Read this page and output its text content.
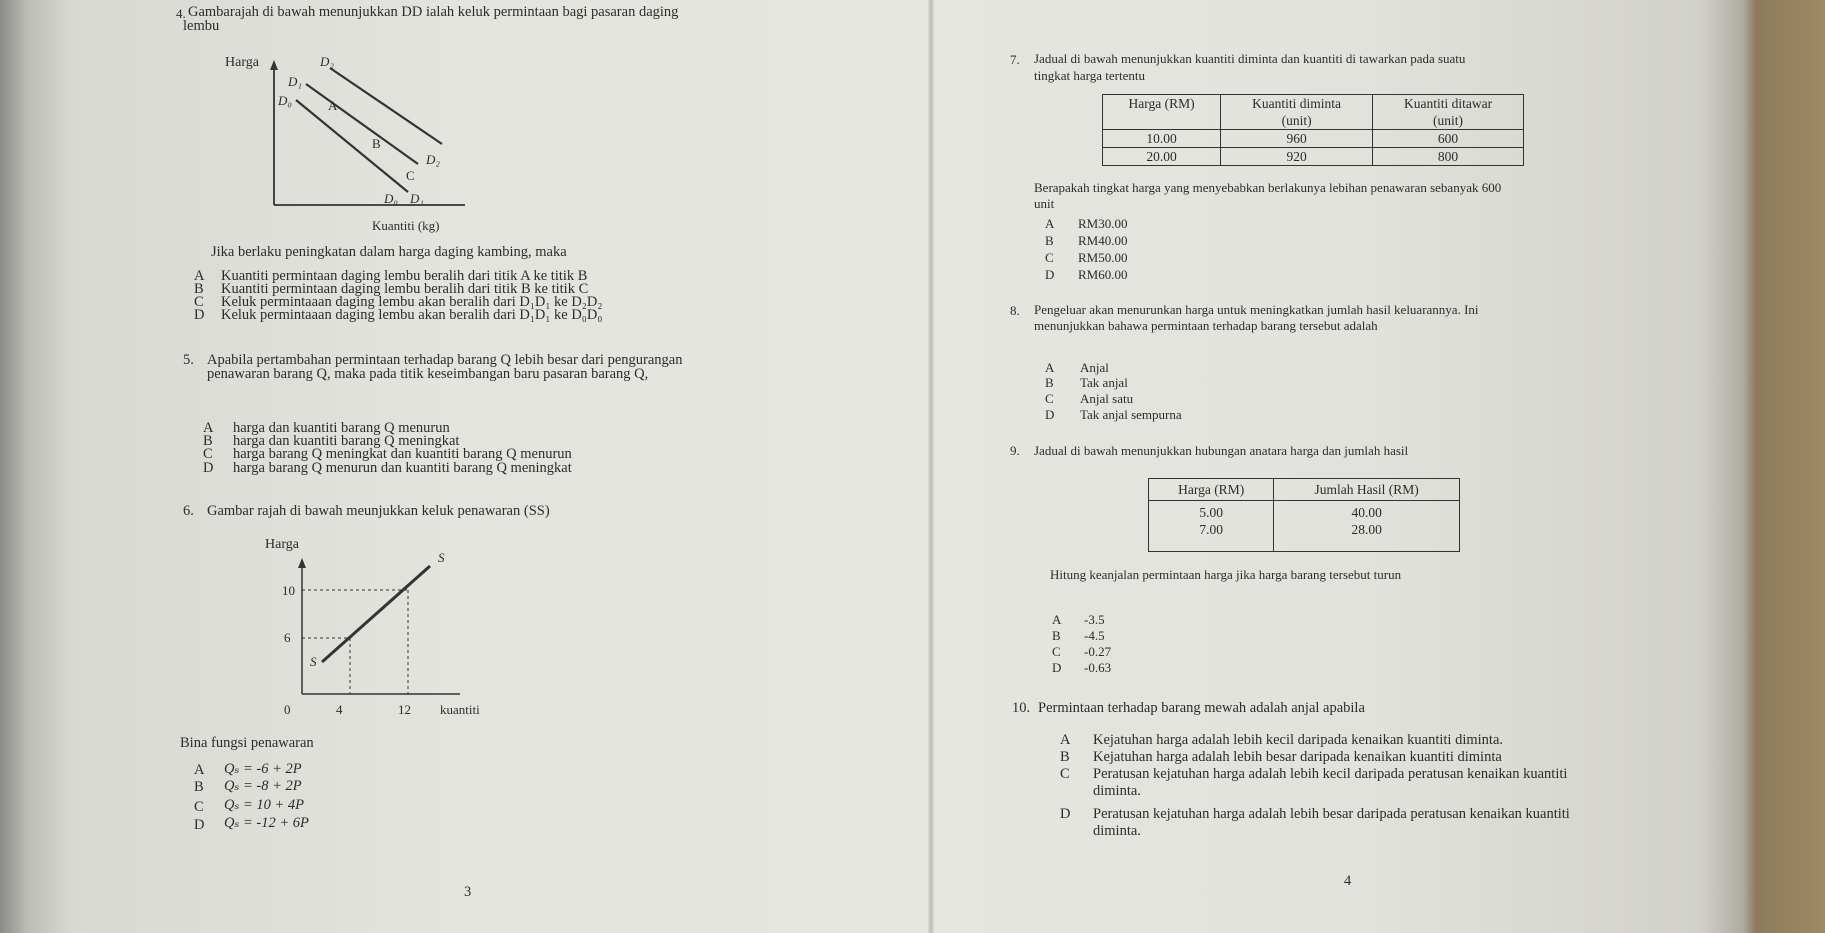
4. Gambarajah di bawah menunjukkan DD ialah keluk permintaan bagi pasaran daging
lembu
Harga
Kuantiti (kg)
D₂
D₁
D₀	A
B
C
D₂
D₀ D₁
Jika berlaku peningkatan dalam harga daging kambing, maka
A Kuantiti permintaan daging lembu beralih dari titik A ke titik B
B Kuantiti permintaan daging lembu beralih dari titik B ke titik C
C Keluk permintaaan daging lembu akan beralih dari D₁D₁ ke D₂D₂
D Keluk permintaaan daging lembu akan beralih dari D₁D₁ ke D₀D₀
5. Apabila pertambahan permintaan terhadap barang Q lebih besar dari pengurangan
penawaran barang Q, maka pada titik keseimbangan baru pasaran barang Q,
A harga dan kuantiti barang Q menurun
B harga dan kuantiti barang Q meningkat
C harga barang Q meningkat dan kuantiti barang Q menurun
D harga barang Q menurun dan kuantiti barang Q meningkat
6. Gambar rajah di bawah meunjukkan keluk penawaran (SS)
Harga
S
S
10
6
0	4	12 kuantiti
Bina fungsi penawaran
A Qₛ = -6 + 2P
B Qₛ = -8 + 2P
C Qₛ = 10 + 4P
D Qₛ = -12 + 6P
3
7. Jadual di bawah menunjukkan kuantiti diminta dan kuantiti di tawarkan pada suatu
tingkat harga tertentu
Harga (RM)	Kuantiti diminta	Kuantiti ditawar
	(unit)	(unit)
10.00	960	600
20.00	920	800
Berapakah tingkat harga yang menyebabkan berlakunya lebihan penawaran sebanyak 600
unit
A RM30.00
B RM40.00
C RM50.00
D RM60.00
8. Pengeluar akan menurunkan harga untuk meningkatkan jumlah hasil keluarannya. Ini
menunjukkan bahawa permintaan terhadap barang tersebut adalah
A Anjal
B Tak anjal
C Anjal satu
D Tak anjal sempurna
9. Jadual di bawah menunjukkan hubungan anatara harga dan jumlah hasil
Harga (RM)	Jumlah Hasil (RM)
5.00	40.00
7.00	28.00
Hitung keanjalan permintaan harga jika harga barang tersebut turun
A -3.5
B -4.5
C -0.27
D -0.63
10. Permintaan terhadap barang mewah adalah anjal apabila
A Kejatuhan harga adalah lebih kecil daripada kenaikan kuantiti diminta.
B Kejatuhan harga adalah lebih besar daripada kenaikan kuantiti diminta
C Peratusan kejatuhan harga adalah lebih kecil daripada peratusan kenaikan kuantiti
diminta.
D Peratusan kejatuhan harga adalah lebih besar daripada peratusan kenaikan kuantiti
diminta.
4
